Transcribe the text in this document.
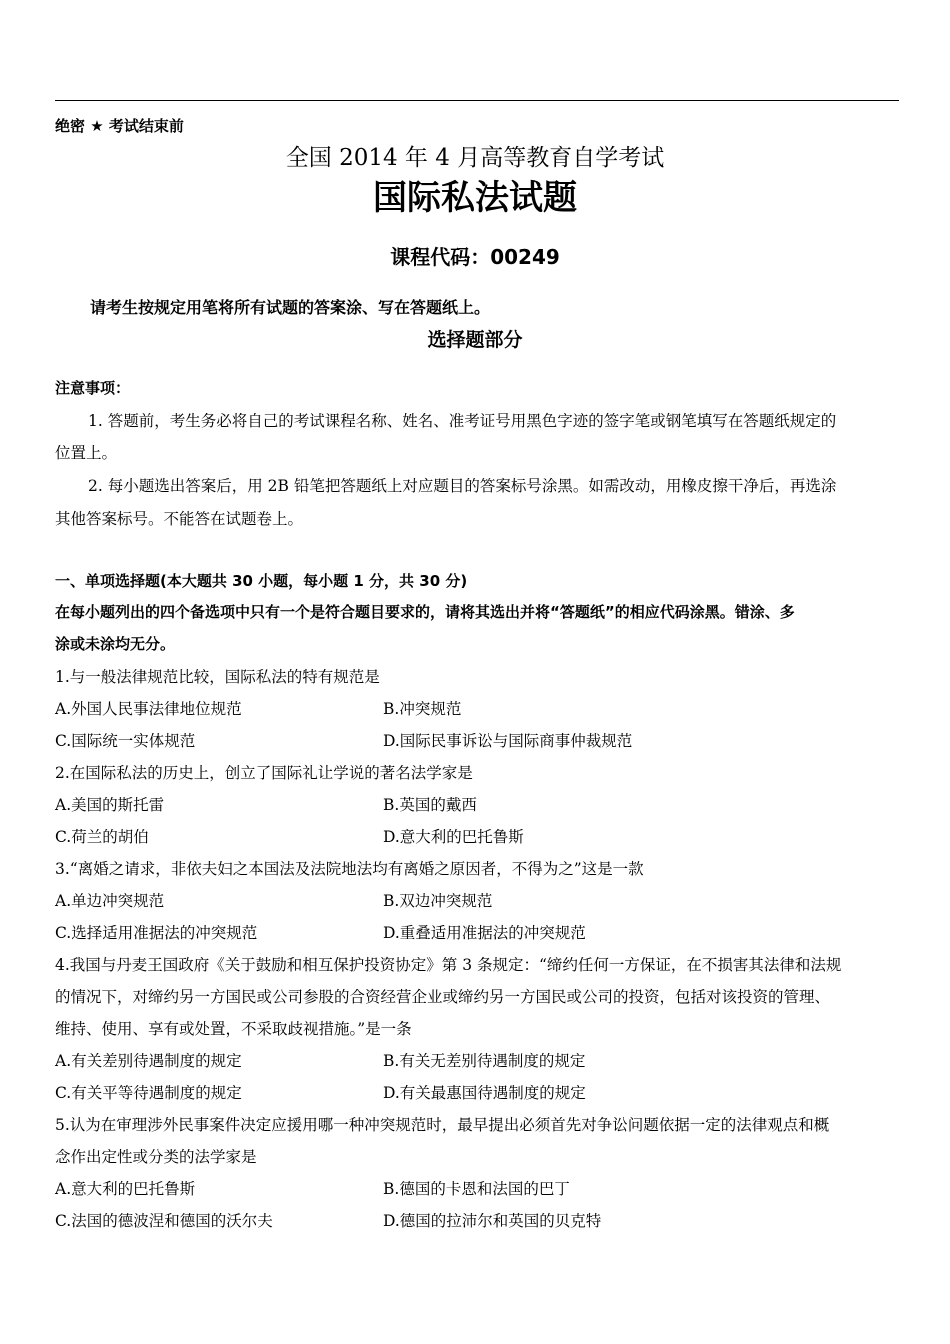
绝密 ★ 考试结束前
全国 2014 年 4 月高等教育自学考试
国际私法试题
课程代码：00249
请考生按规定用笔将所有试题的答案涂、写在答题纸上。
选择题部分
注意事项：
1. 答题前，考生务必将自己的考试课程名称、姓名、准考证号用黑色字迹的签字笔或钢笔填写在答题纸规定的
位置上。
2. 每小题选出答案后，用 2B 铅笔把答题纸上对应题目的答案标号涂黑。如需改动，用橡皮擦干净后，再选涂
其他答案标号。不能答在试题卷上。
一、单项选择题(本大题共 30 小题，每小题 1 分，共 30 分)
在每小题列出的四个备选项中只有一个是符合题目要求的，请将其选出并将“答题纸”的相应代码涂黑。错涂、多
涂或未涂均无分。
1.与一般法律规范比较，国际私法的特有规范是
A.外国人民事法律地位规范	B.冲突规范
C.国际统一实体规范	D.国际民事诉讼与国际商事仲裁规范
2.在国际私法的历史上，创立了国际礼让学说的著名法学家是
A.美国的斯托雷	B.英国的戴西
C.荷兰的胡伯	D.意大利的巴托鲁斯
3.“离婚之请求，非依夫妇之本国法及法院地法均有离婚之原因者，不得为之”这是一款
A.单边冲突规范	B.双边冲突规范
C.选择适用准据法的冲突规范	D.重叠适用准据法的冲突规范
4.我国与丹麦王国政府《关于鼓励和相互保护投资协定》第 3 条规定：“缔约任何一方保证，在不损害其法律和法规
的情况下，对缔约另一方国民或公司参股的合资经营企业或缔约另一方国民或公司的投资，包括对该投资的管理、
维持、使用、享有或处置，不采取歧视措施。”是一条
A.有关差别待遇制度的规定	B.有关无差别待遇制度的规定
C.有关平等待遇制度的规定	D.有关最惠国待遇制度的规定
5.认为在审理涉外民事案件决定应援用哪一种冲突规范时，最早提出必须首先对争讼问题依据一定的法律观点和概
念作出定性或分类的法学家是
A.意大利的巴托鲁斯	B.德国的卡恩和法国的巴丁
C.法国的德波涅和德国的沃尔夫	D.德国的拉沛尔和英国的贝克特
